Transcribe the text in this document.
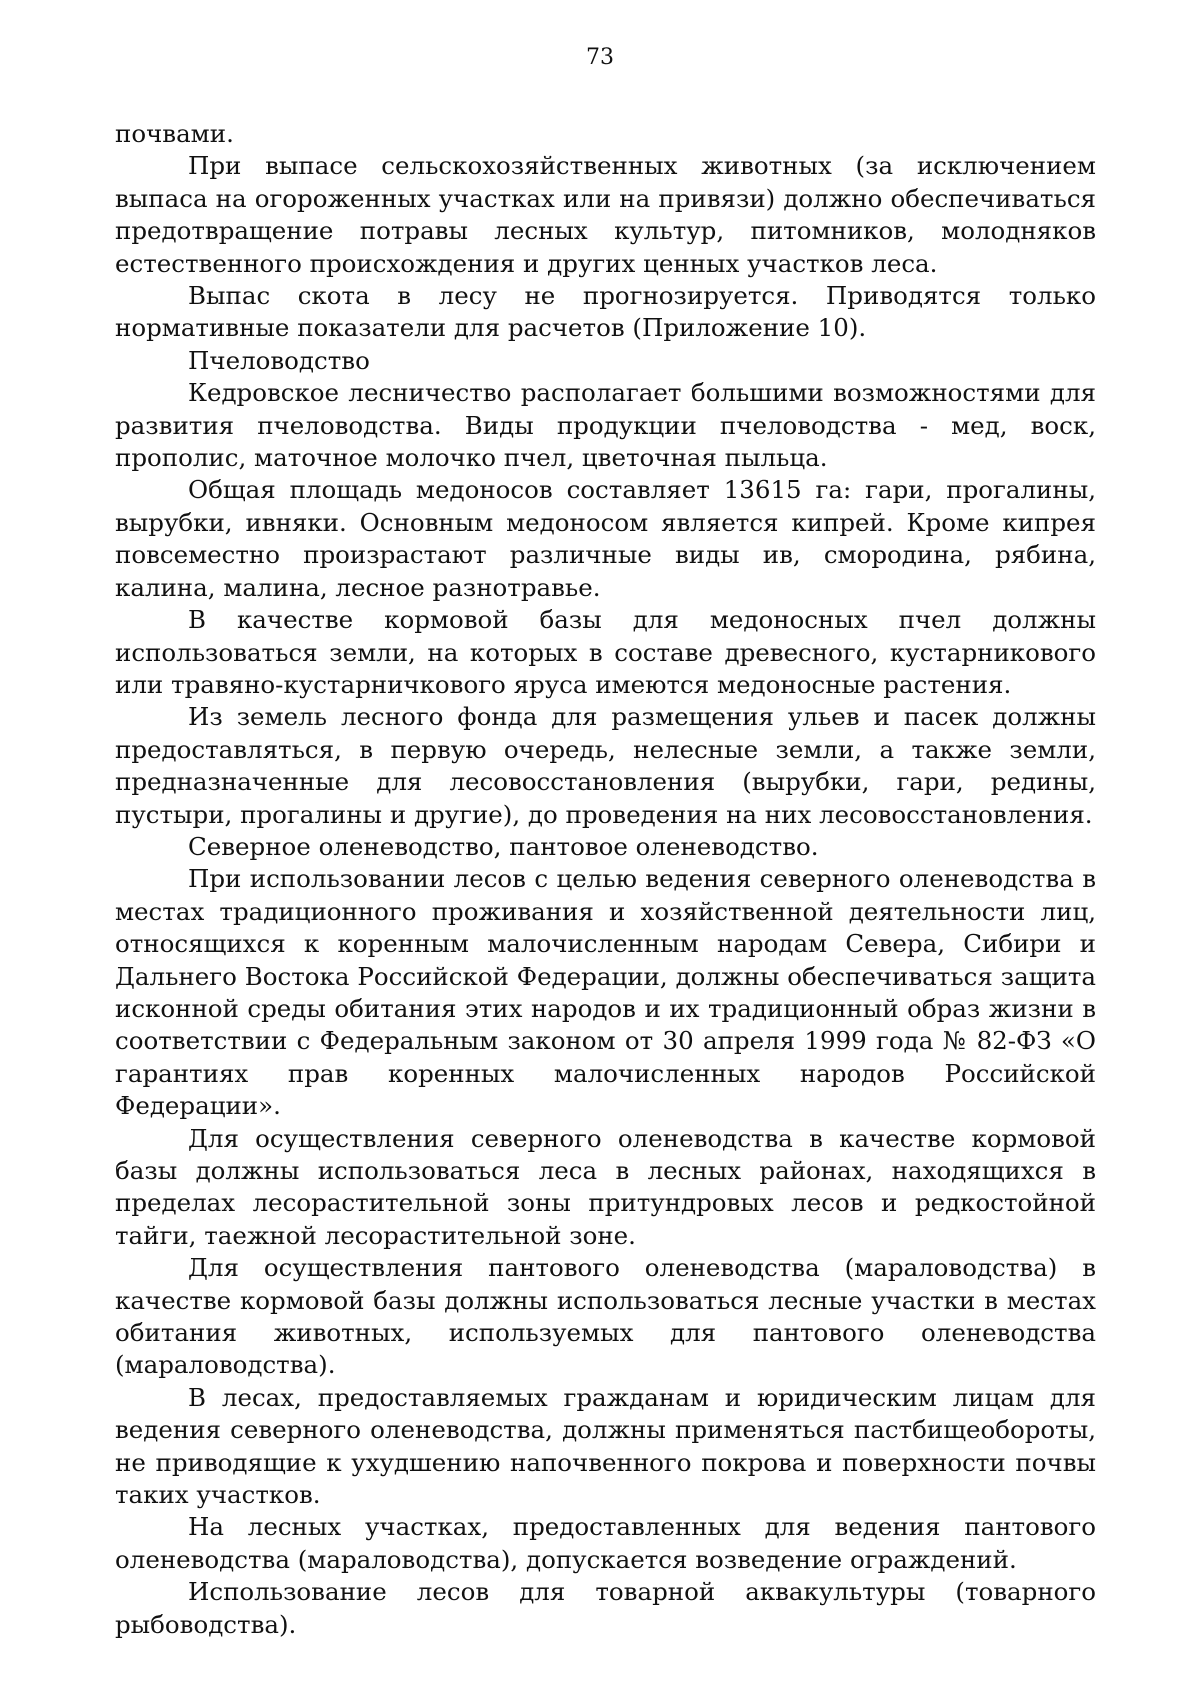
73

почвами.

При выпасе сельскохозяйственных животных (за исключением выпаса на огороженных участках или на привязи) должно обеспечиваться предотвращение потравы лесных культур, питомников, молодняков естественного происхождения и других ценных участков леса.

Выпас скота в лесу не прогнозируется. Приводятся только нормативные показатели для расчетов (Приложение 10).

Пчеловодство

Кедровское лесничество располагает большими возможностями для развития пчеловодства. Виды продукции пчеловодства - мед, воск, прополис, маточное молочко пчел, цветочная пыльца.

Общая площадь медоносов составляет 13615 га: гари, прогалины, вырубки, ивняки. Основным медоносом является кипрей. Кроме кипрея повсеместно произрастают различные виды ив, смородина, рябина, калина, малина, лесное разнотравье.

В качестве кормовой базы для медоносных пчел должны использоваться земли, на которых в составе древесного, кустарникового или травяно-кустарничкового яруса имеются медоносные растения.

Из земель лесного фонда для размещения ульев и пасек должны предоставляться, в первую очередь, нелесные земли, а также земли, предназначенные для лесовосстановления (вырубки, гари, редины, пустыри, прогалины и другие), до проведения на них лесовосстановления.

Северное оленеводство, пантовое оленеводство.

При использовании лесов с целью ведения северного оленеводства в местах традиционного проживания и хозяйственной деятельности лиц, относящихся к коренным малочисленным народам Севера, Сибири и Дальнего Востока Российской Федерации, должны обеспечиваться защита исконной среды обитания этих народов и их традиционный образ жизни в соответствии с Федеральным законом от 30 апреля 1999 года № 82-ФЗ «О гарантиях прав коренных малочисленных народов Российской Федерации».

Для осуществления северного оленеводства в качестве кормовой базы должны использоваться леса в лесных районах, находящихся в пределах лесорастительной зоны притундровых лесов и редкостойной тайги, таежной лесорастительной зоне.

Для осуществления пантового оленеводства (мараловодства) в качестве кормовой базы должны использоваться лесные участки в местах обитания животных, используемых для пантового оленеводства (мараловодства).

В лесах, предоставляемых гражданам и юридическим лицам для ведения северного оленеводства, должны применяться пастбищеобороты, не приводящие к ухудшению напочвенного покрова и поверхности почвы таких участков.

На лесных участках, предоставленных для ведения пантового оленеводства (мараловодства), допускается возведение ограждений.

Использование лесов для товарной аквакультуры (товарного рыбоводства).
